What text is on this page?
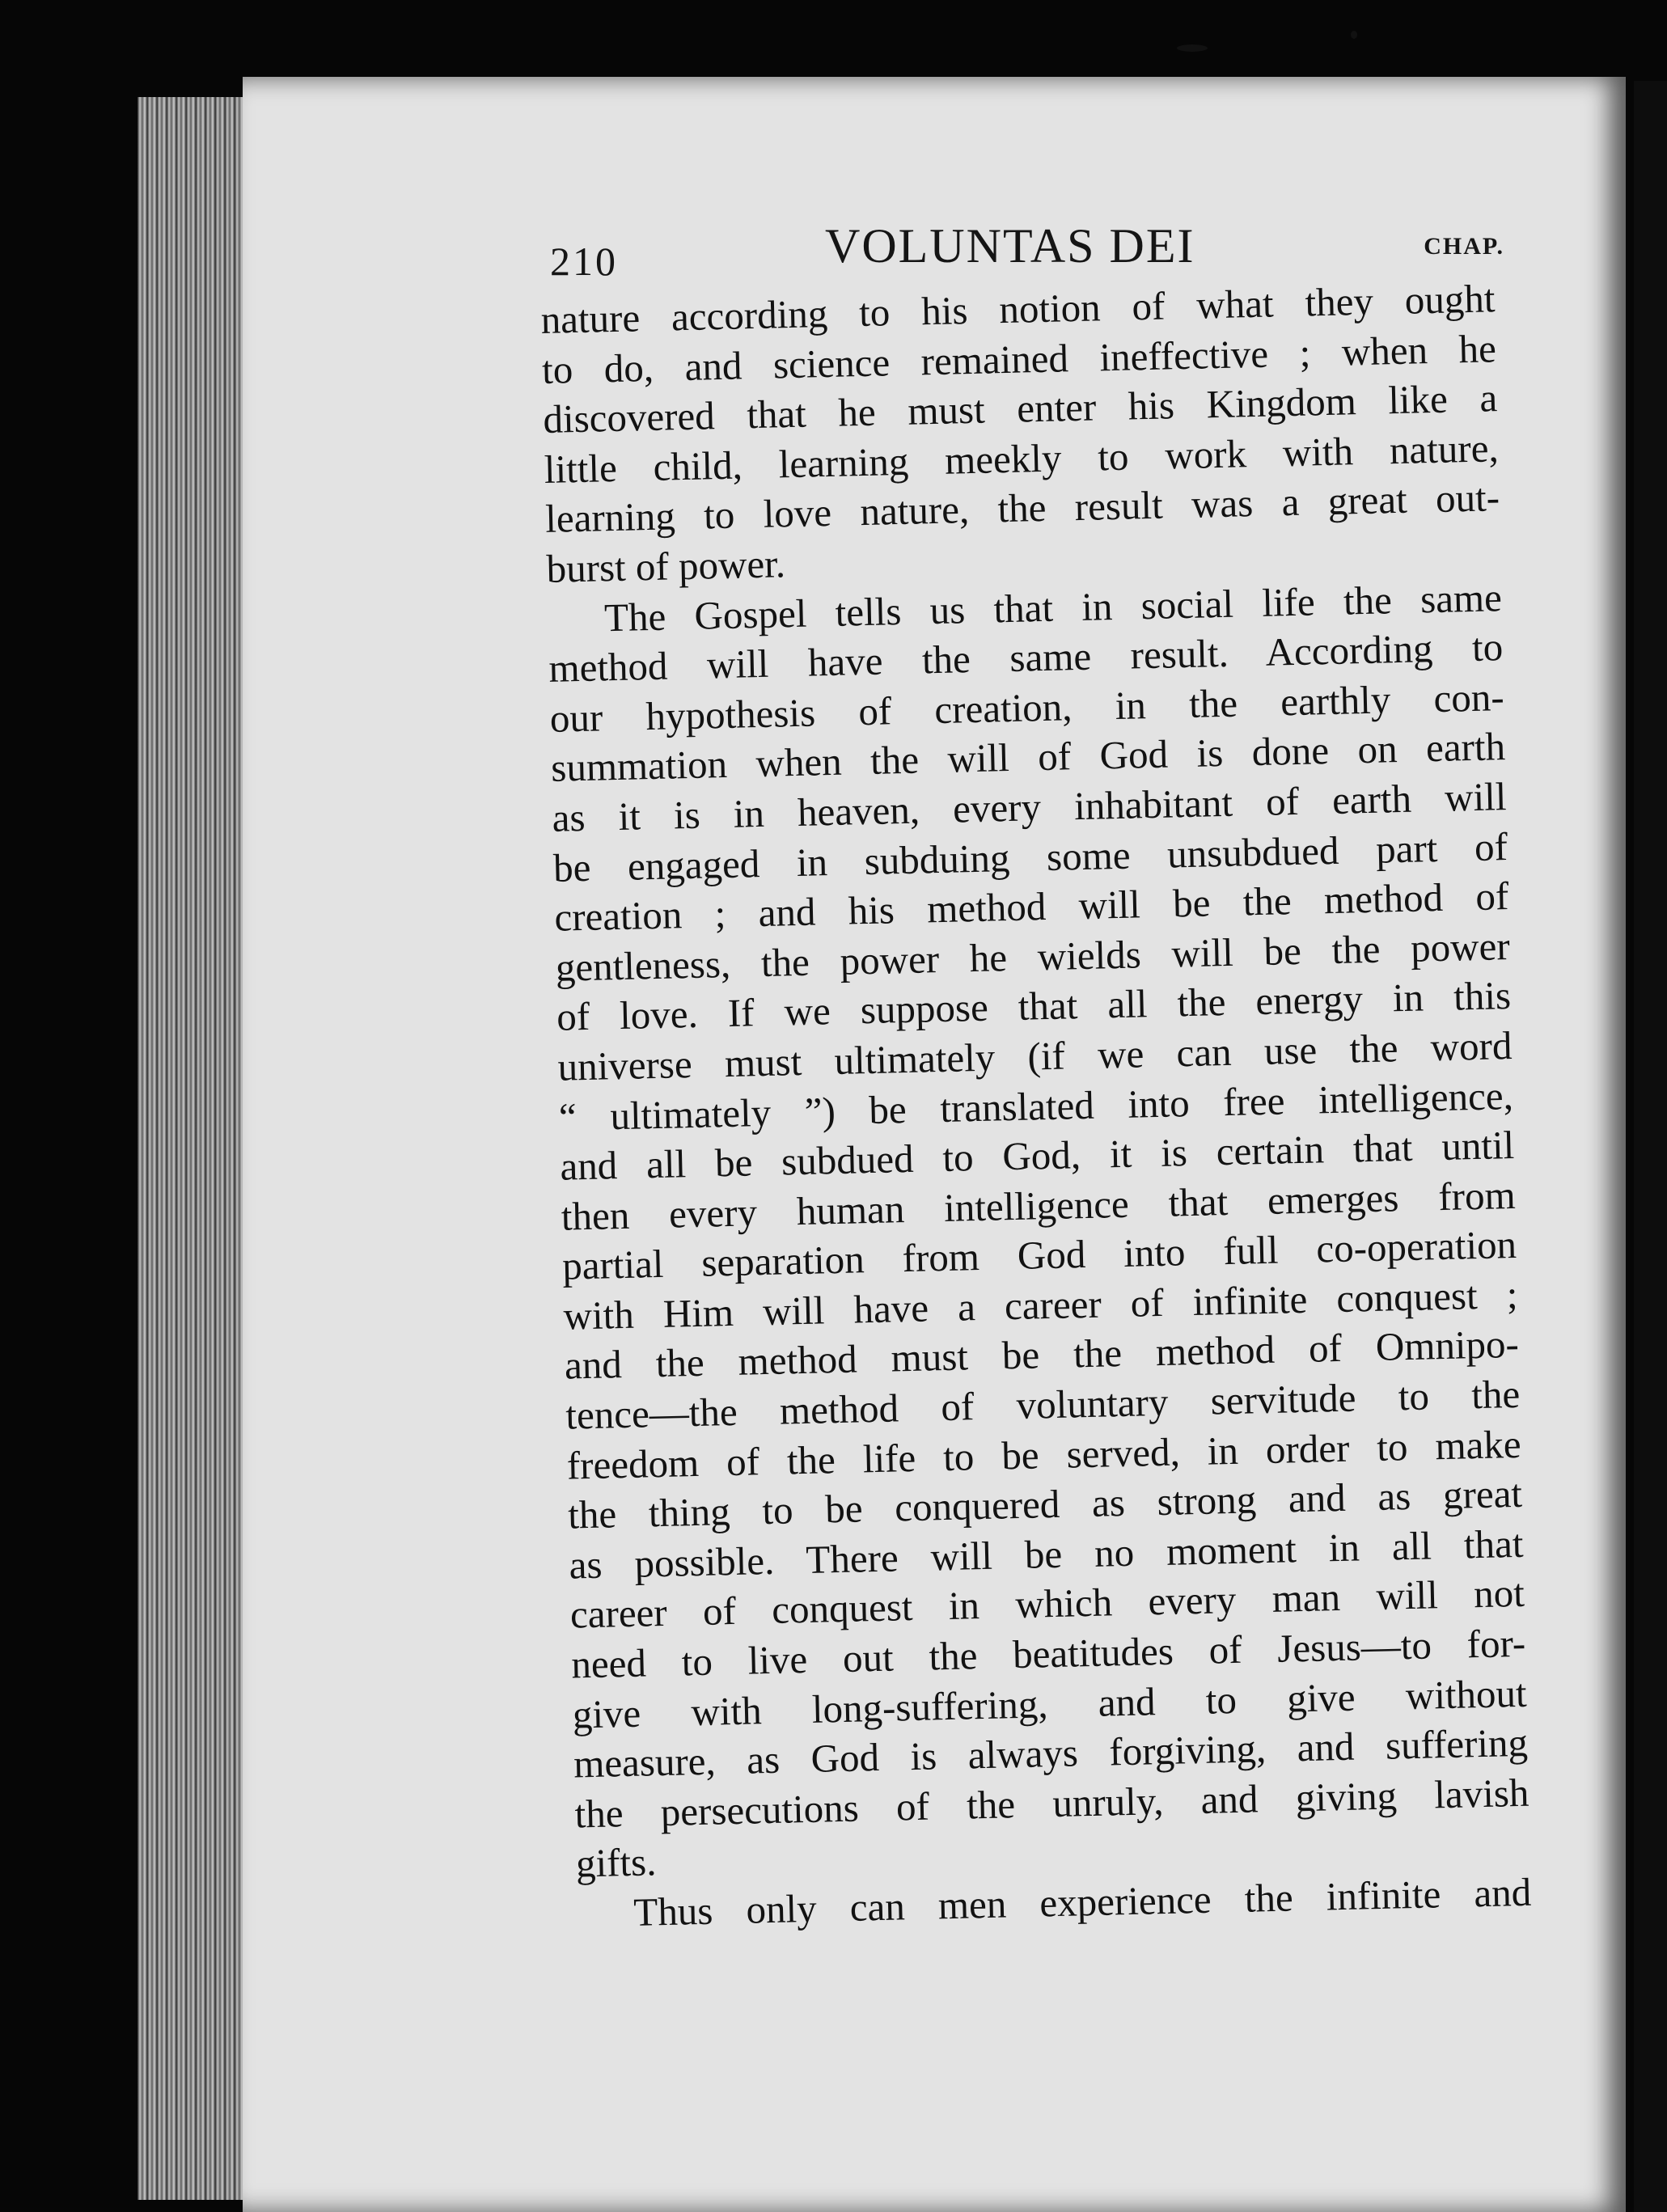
210	VOLUNTAS DEI	CHAP.
nature according to his notion of what they ought
to do, and science remained ineffective ; when he
discovered that he must enter his Kingdom like a
little child, learning meekly to work with nature,
learning to love nature, the result was a great out-
burst of power.
The Gospel tells us that in social life the same
method will have the same result. According to
our hypothesis of creation, in the earthly con-
summation when the will of God is done on earth
as it is in heaven, every inhabitant of earth will
be engaged in subduing some unsubdued part of
creation ; and his method will be the method of
gentleness, the power he wields will be the power
of love. If we suppose that all the energy in this
universe must ultimately (if we can use the word
“ ultimately ”) be translated into free intelligence,
and all be subdued to God, it is certain that until
then every human intelligence that emerges from
partial separation from God into full co-operation
with Him will have a career of infinite conquest ;
and the method must be the method of Omnipo-
tence—the method of voluntary servitude to the
freedom of the life to be served, in order to make
the thing to be conquered as strong and as great
as possible. There will be no moment in all that
career of conquest in which every man will not
need to live out the beatitudes of Jesus—to for-
give with long-suffering, and to give without
measure, as God is always forgiving, and suffering
the persecutions of the unruly, and giving lavish
gifts.
Thus only can men experience the infinite and
